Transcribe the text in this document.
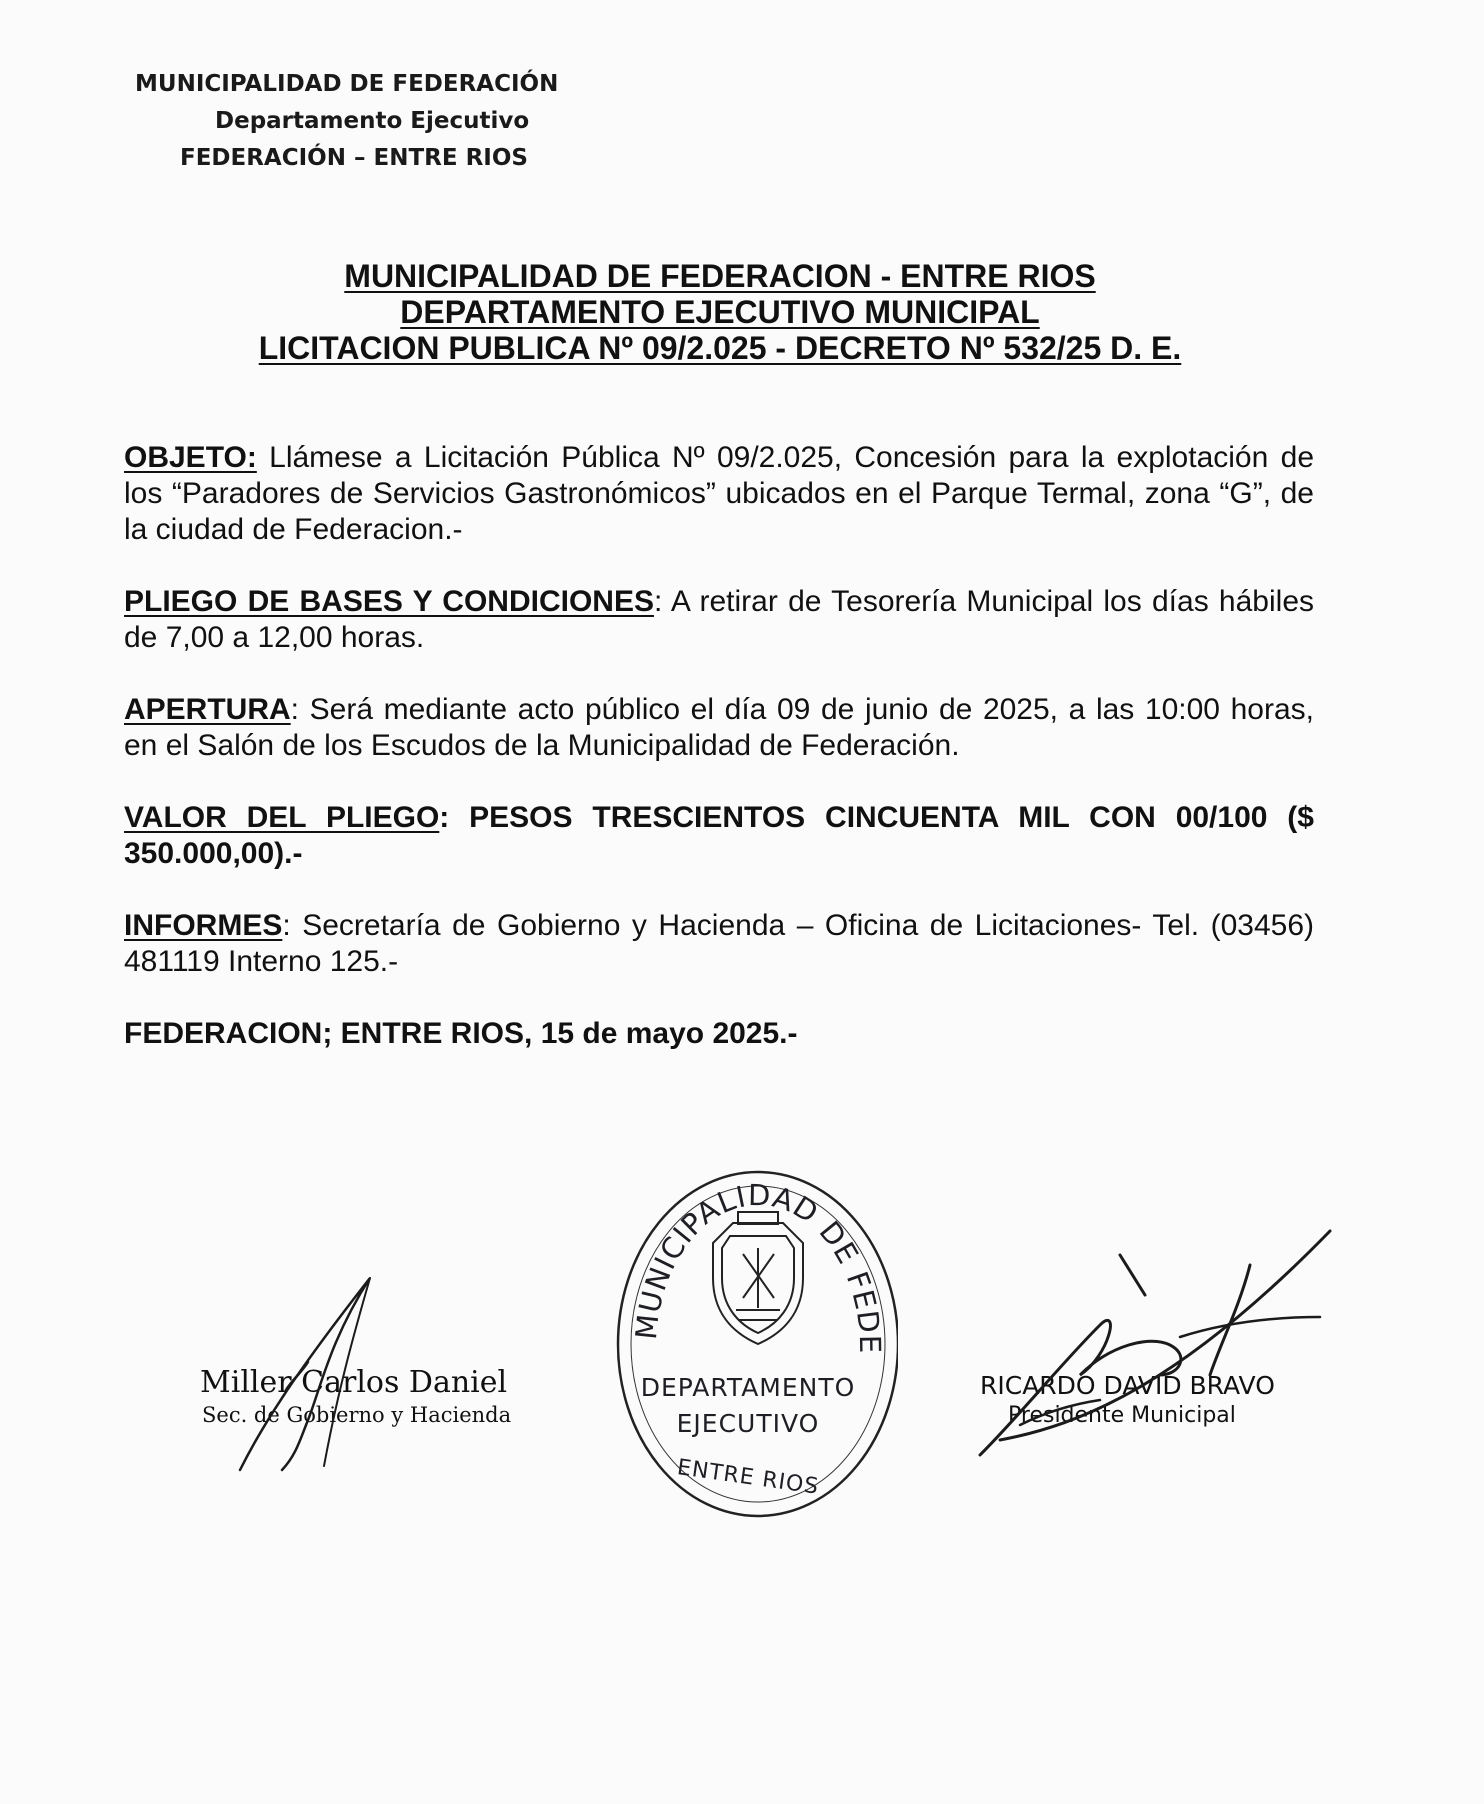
MUNICIPALIDAD DE FEDERACIÓN
Departamento Ejecutivo
FEDERACIÓN – ENTRE RIOS
MUNICIPALIDAD DE FEDERACION - ENTRE RIOS
DEPARTAMENTO EJECUTIVO MUNICIPAL
LICITACION PUBLICA Nº 09/2.025 - DECRETO Nº 532/25 D. E.
OBJETO: Llámese a Licitación Pública Nº 09/2.025, Concesión para la explotación de los “Paradores de Servicios Gastronómicos” ubicados en el Parque Termal, zona “G”, de la ciudad de Federacion.-
PLIEGO DE BASES Y CONDICIONES: A retirar de Tesorería Municipal los días hábiles de 7,00 a 12,00 horas.
APERTURA: Será mediante acto público el día 09 de junio de 2025, a las 10:00 horas, en el Salón de los Escudos de la Municipalidad de Federación.
VALOR DEL PLIEGO: PESOS TRESCIENTOS CINCUENTA MIL CON 00/100 ($ 350.000,00).-
INFORMES: Secretaría de Gobierno y Hacienda – Oficina de Licitaciones- Tel. (03456) 481119 Interno 125.-
FEDERACION; ENTRE RIOS, 15 de mayo 2025.-
Miller Carlos Daniel
Sec. de Gobierno y Hacienda
RICARDO DAVID BRAVO
Presidente Municipal
MUNICIPALIDAD DE FEDE
DEPARTAMENTO
EJECUTIVO
ENTRE RIOS
